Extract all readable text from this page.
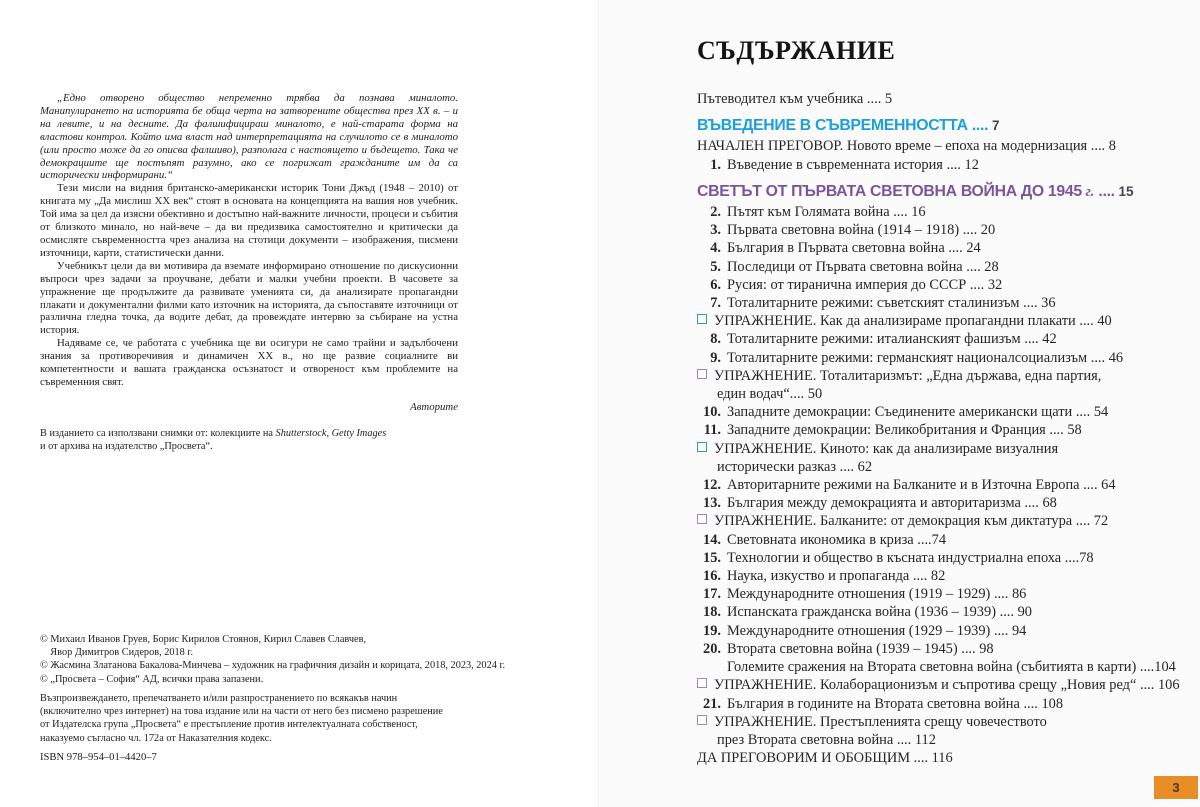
„Едно отворено общество непременно трябва да познава миналото. Манипулирането на историята бе обща черта на затворените общества през ХХ в. – и на левите, и на десните. Да фалшифицираш миналото, е най-старата форма на властови контрол. Който има власт над интерпретацията на случилото се в миналото (или просто може да го описва фалшиво), разполага с настоящето и бъдещето. Така че демокрациите ще постъпят разумно, ако се погрижат гражданите им да са исторически информирани.“

Тези мисли на видния британско-американски историк Тони Джъд (1948 – 2010) от книгата му „Да мислиш ХХ век“ стоят в основата на концепцията на вашия нов учебник. Той има за цел да изясни обективно и достъпно най-важните личности, процеси и събития от близкото минало, но най-вече – да ви предизвика самостоятелно и критически да осмисляте съвременността чрез анализа на стотици документи – изображения, писмени източници, карти, статистически данни.

Учебникът цели да ви мотивира да вземате информирано отношение по дискусионни въпроси чрез задачи за проучване, дебати и малки учебни проекти. В часовете за упражнение ще продължите да развивате уменията си, да анализирате пропагандни плакати и документални филми като източник на историята, да съпоставяте източници от различна гледна точка, да водите дебат, да провеждате интервю за събиране на устна история.

Надяваме се, че работата с учебника ще ви осигури не само трайни и задълбочени знания за противоречивия и динамичен ХХ в., но ще развие социалните ви компетентности и вашата гражданска осъзнатост и отвореност към проблемите на съвременния свят.

Авторите
В изданието са използвани снимки от: колекциите на Shutterstock, Getty Images
и от архива на издателство „Просвета“.
© Михаил Иванов Груев, Борис Кирилов Стоянов, Кирил Славев Славчев,
Явор Димитров Сидеров, 2018 г.
© Жасмина Златанова Бакалова-Минчева – художник на графичния дизайн и корицата, 2018, 2023, 2024 г.
© „Просвета – София“ АД, всички права запазени.
Възпроизвеждането, препечатването и/или разпространението по всякакъв начин
(включително чрез интернет) на това издание или на части от него без писмено разрешение
от Издателска група „Просвета“ е престъпление против интелектуалната собственост,
наказуемо съгласно чл. 172а от Наказателния кодекс.
ISBN 978–954–01–4420–7
СЪДЪРЖАНИЕ
Пътеводител към учебника .... 5
ВЪВЕДЕНИЕ В СЪВРЕМЕННОСТТА .... 7
НАЧАЛЕН ПРЕГОВОР. Новото време – епоха на модернизация .... 8
1. Въведение в съвременната история .... 12
СВЕТЪТ ОТ ПЪРВАТА СВЕТОВНА ВОЙНА ДО 1945 г. .... 15
2. Пътят към Голямата война .... 16
3. Първата световна война (1914 – 1918) .... 20
4. България в Първата световна война .... 24
5. Последици от Първата световна война .... 28
6. Русия: от тиранична империя до СССР .... 32
7. Тоталитарните режими: съветският сталинизъм .... 36
УПРАЖНЕНИЕ. Как да анализираме пропагандни плакати .... 40
8. Тоталитарните режими: италианският фашизъм .... 42
9. Тоталитарните режими: германският националсоциализъм .... 46
УПРАЖНЕНИЕ. Тоталитаризмът: „Една държава, една партия,
един водач“.... 50
10. Западните демокрации: Съединените американски щати .... 54
11. Западните демокрации: Великобритания и Франция .... 58
УПРАЖНЕНИЕ. Киното: как да анализираме визуалния
исторически разказ .... 62
12. Авторитарните режими на Балканите и в Източна Европа .... 64
13. България между демокрацията и авторитаризма .... 68
УПРАЖНЕНИЕ. Балканите: от демокрация към диктатура .... 72
14. Световната икономика в криза ....74
15. Технологии и общество в късната индустриална епоха ....78
16. Наука, изкуство и пропаганда .... 82
17. Международните отношения (1919 – 1929) .... 86
18. Испанската гражданска война (1936 – 1939) .... 90
19. Международните отношения (1929 – 1939) .... 94
20. Втората световна война (1939 – 1945) .... 98
Големите сражения на Втората световна война (събитията в карти) ....104
УПРАЖНЕНИЕ. Колаборационизъм и съпротива срещу „Новия ред“ .... 106
21. България в годините на Втората световна война .... 108
УПРАЖНЕНИЕ. Престъпленията срещу човечеството
през Втората световна война .... 112
ДА ПРЕГОВОРИМ И ОБОБЩИМ .... 116
3
